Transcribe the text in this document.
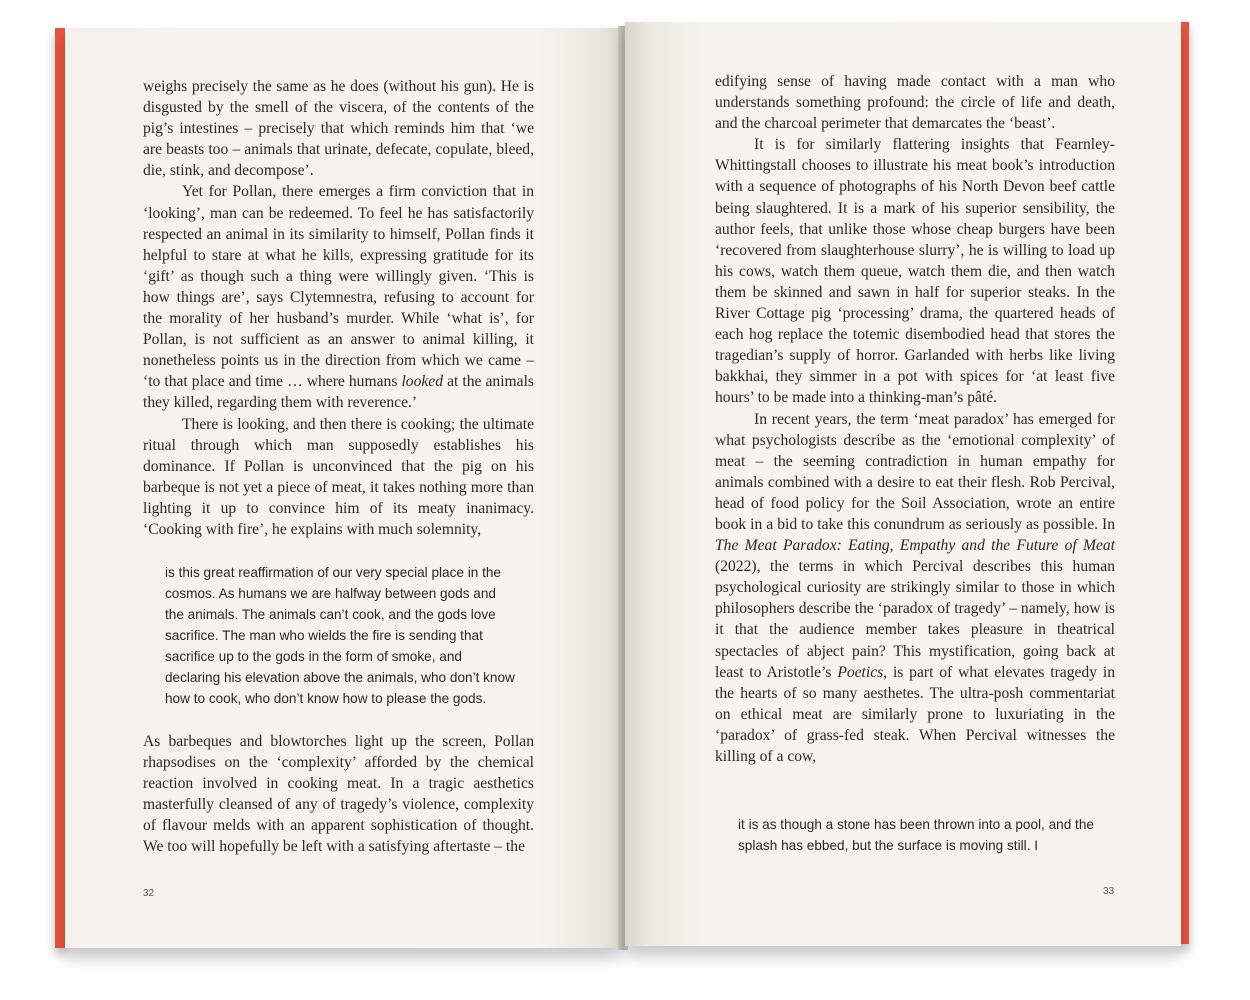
weighs precisely the same as he does (without his gun). He is disgusted by the smell of the viscera, of the contents of the pig’s intestines – precisely that which reminds him that ‘we are beasts too – animals that urinate, defecate, copulate, bleed, die, stink, and decompose’.

Yet for Pollan, there emerges a firm conviction that in ‘looking’, man can be redeemed. To feel he has satisfactorily respected an animal in its similarity to himself, Pollan finds it helpful to stare at what he kills, expressing gratitude for its ‘gift’ as though such a thing were willingly given. ‘This is how things are’, says Clytemnestra, refusing to account for the morality of her husband’s murder. While ‘what is’, for Pollan, is not sufficient as an answer to animal killing, it nonetheless points us in the direction from which we came – ‘to that place and time … where humans looked at the animals they killed, regarding them with reverence.’

There is looking, and then there is cooking; the ultimate ritual through which man supposedly establishes his dominance. If Pollan is unconvinced that the pig on his barbeque is not yet a piece of meat, it takes nothing more than lighting it up to convince him of its meaty inanimacy. ‘Cooking with fire’, he explains with much solemnity,

is this great reaffirmation of our very special place in the cosmos. As humans we are halfway between gods and the animals. The animals can’t cook, and the gods love sacrifice. The man who wields the fire is sending that sacrifice up to the gods in the form of smoke, and declaring his elevation above the animals, who don’t know how to cook, who don’t know how to please the gods.

As barbeques and blowtorches light up the screen, Pollan rhapsodises on the ‘complexity’ afforded by the chemical reaction involved in cooking meat. In a tragic aesthetics masterfully cleansed of any of tragedy’s violence, complexity of flavour melds with an apparent sophistication of thought. We too will hopefully be left with a satisfying aftertaste – the

32

edifying sense of having made contact with a man who understands something profound: the circle of life and death, and the charcoal perimeter that demarcates the ‘beast’.

It is for similarly flattering insights that Fearnley-Whittingstall chooses to illustrate his meat book’s introduction with a sequence of photographs of his North Devon beef cattle being slaughtered. It is a mark of his superior sensibility, the author feels, that unlike those whose cheap burgers have been ‘recovered from slaughterhouse slurry’, he is willing to load up his cows, watch them queue, watch them die, and then watch them be skinned and sawn in half for superior steaks. In the River Cottage pig ‘processing’ drama, the quartered heads of each hog replace the totemic disembodied head that stores the tragedian’s supply of horror. Garlanded with herbs like living bakkhai, they simmer in a pot with spices for ‘at least five hours’ to be made into a thinking-man’s pâté.

In recent years, the term ‘meat paradox’ has emerged for what psychologists describe as the ‘emotional complexity’ of meat – the seeming contradiction in human empathy for animals combined with a desire to eat their flesh. Rob Percival, head of food policy for the Soil Association, wrote an entire book in a bid to take this conundrum as seriously as possible. In The Meat Paradox: Eating, Empathy and the Future of Meat (2022), the terms in which Percival describes this human psychological curiosity are strikingly similar to those in which philosophers describe the ‘paradox of tragedy’ – namely, how is it that the audience member takes pleasure in theatrical spectacles of abject pain? This mystification, going back at least to Aristotle’s Poetics, is part of what elevates tragedy in the hearts of so many aesthetes. The ultra-posh commentariat on ethical meat are similarly prone to luxuriating in the ‘paradox’ of grass-fed steak. When Percival witnesses the killing of a cow,

it is as though a stone has been thrown into a pool, and the splash has ebbed, but the surface is moving still. I
33
